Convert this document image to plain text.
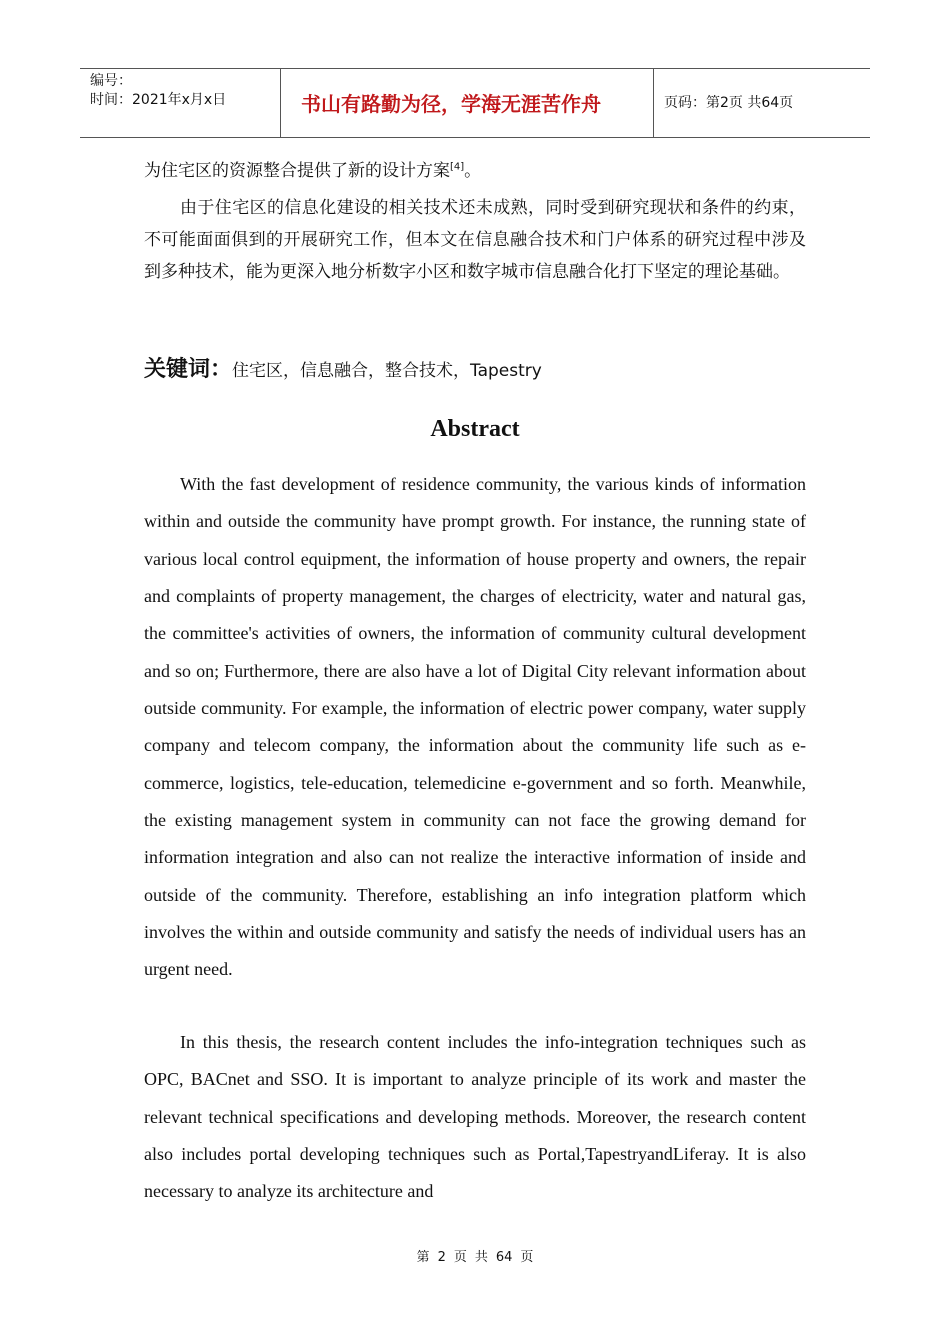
编号：
时间：2021年x月x日	书山有路勤为径，学海无涯苦作舟	页码：第2页 共64页

为住宅区的资源整合提供了新的设计方案[4]。

由于住宅区的信息化建设的相关技术还未成熟，同时受到研究现状和条件的约束，不可能面面俱到的开展研究工作，但本文在信息融合技术和门户体系的研究过程中涉及到多种技术，能为更深入地分析数字小区和数字城市信息融合化打下坚定的理论基础。

关键词：住宅区，信息融合，整合技术，Tapestry
Abstract

With the fast development of residence community, the various kinds of information within and outside the community have prompt growth. For instance, the running state of various local control equipment, the information of house property and owners, the repair and complaints of property management, the charges of electricity, water and natural gas, the committee's activities of owners, the information of community cultural development and so on; Furthermore, there are also have a lot of Digital City relevant information about outside community. For example, the information of electric power company, water supply company and telecom company, the information about the community life such as e-commerce, logistics, tele-education, telemedicine e-government and so forth. Meanwhile, the existing management system in community can not face the growing demand for information integration and also can not realize the interactive information of inside and outside of the community. Therefore, establishing an info integration platform which involves the within and outside community and satisfy the needs of individual users has an urgent need.

In this thesis, the research content includes the info-integration techniques such as OPC, BACnet and SSO. It is important to analyze principle of its work and master the relevant technical specifications and developing methods. Moreover, the research content also includes portal developing techniques such as Portal,TapestryandLiferay. It is also necessary to analyze its architecture and

第 2 页 共 64 页
